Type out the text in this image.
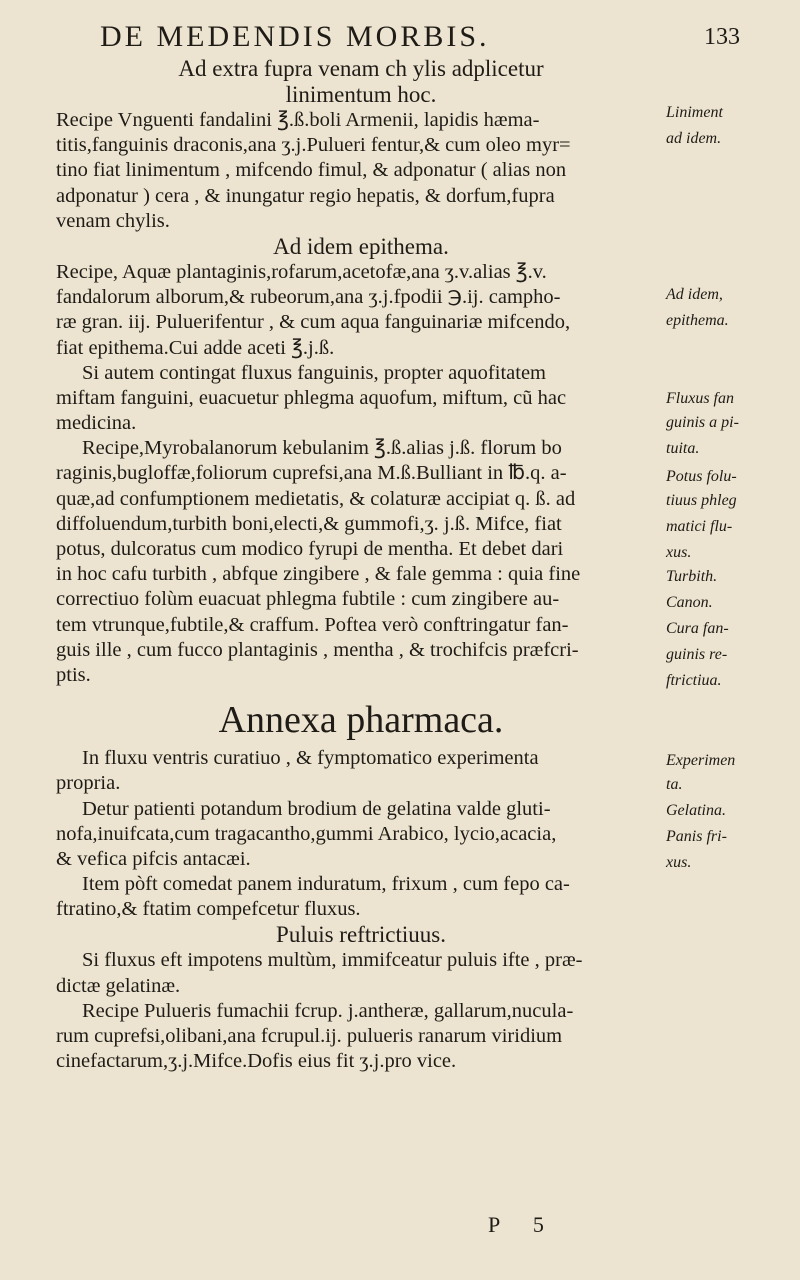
DE MEDENDIS MORBIS.	133
Ad extra fupra venam ch ylis adplicetur
linimentum hoc.
Recipe Vnguenti fandalini ℥.ß.boli Armenii, lapidis hæma-
titis,fanguinis draconis,ana ʒ.j.Pulueri fentur,& cum oleo myr=
tino fiat linimentum , mifcendo fimul, & adponatur ( alias non
adponatur ) cera , & inungatur regio hepatis, & dorfum,fupra
venam chylis.
Ad idem epithema.
Recipe, Aquæ plantaginis,rofarum,acetofæ,ana ʒ.v.alias ℥.v.
fandalorum alborum,& rubeorum,ana ʒ.j.fpodii ℈.ij. campho-
ræ gran. iij. Puluerifentur , & cum aqua fanguinariæ mifcendo,
fiat epithema.Cui adde aceti ℥.j.ß.
Si autem contingat fluxus fanguinis, propter aquofitatem
miftam fanguini, euacuetur phlegma aquofum, miftum, cũ hac
medicina.
Recipe,Myrobalanorum kebulanim ℥.ß.alias j.ß. florum bo
raginis,bugloffæ,foliorum cuprefsi,ana M.ß.Bulliant in ℔.q. a-
quæ,ad confumptionem medietatis, & colaturæ accipiat q. ß. ad
diffoluendum,turbith boni,electi,& gummofi,ʒ. j.ß. Mifce, fiat
potus, dulcoratus cum modico fyrupi de mentha. Et debet dari
in hoc cafu turbith , abfque zingibere , & fale gemma : quia fine
correctiuo folùm euacuat phlegma fubtile : cum zingibere au-
tem vtrunque,fubtile,& craffum. Poftea verò conftringatur fan-
guis ille , cum fucco plantaginis , mentha , & trochifcis præfcri-
ptis.
Annexa pharmaca.
In fluxu ventris curatiuo , & fymptomatico experimenta
propria.
Detur patienti potandum brodium de gelatina valde gluti-
nofa,inuifcata,cum tragacantho,gummi Arabico, lycio,acacia,
& vefica pifcis antacæi.
Item pòft comedat panem induratum, frixum , cum fepo ca-
ftratino,& ftatim compefcetur fluxus.
Puluis reftrictiuus.
Si fluxus eft impotens multùm, immifceatur puluis ifte , præ-
dictæ gelatinæ.
Recipe Pulueris fumachii fcrup. j.antheræ, gallarum,nucula-
rum cuprefsi,olibani,ana fcrupul.ij. pulueris ranarum viridium
cinefactarum,ʒ.j.Mifce.Dofis eius fit ʒ.j.pro vice.
Liniment
ad idem.
Ad idem,
epithema.
Fluxus fan
guinis a pi-
tuita.
Potus folu-
tiuus phleg
matici flu-
xus.
Turbith.
Canon.
Cura fan-
guinis re-
ftrictiua.
Experimen
ta.
Gelatina.
Panis fri-
xus.
P 5
